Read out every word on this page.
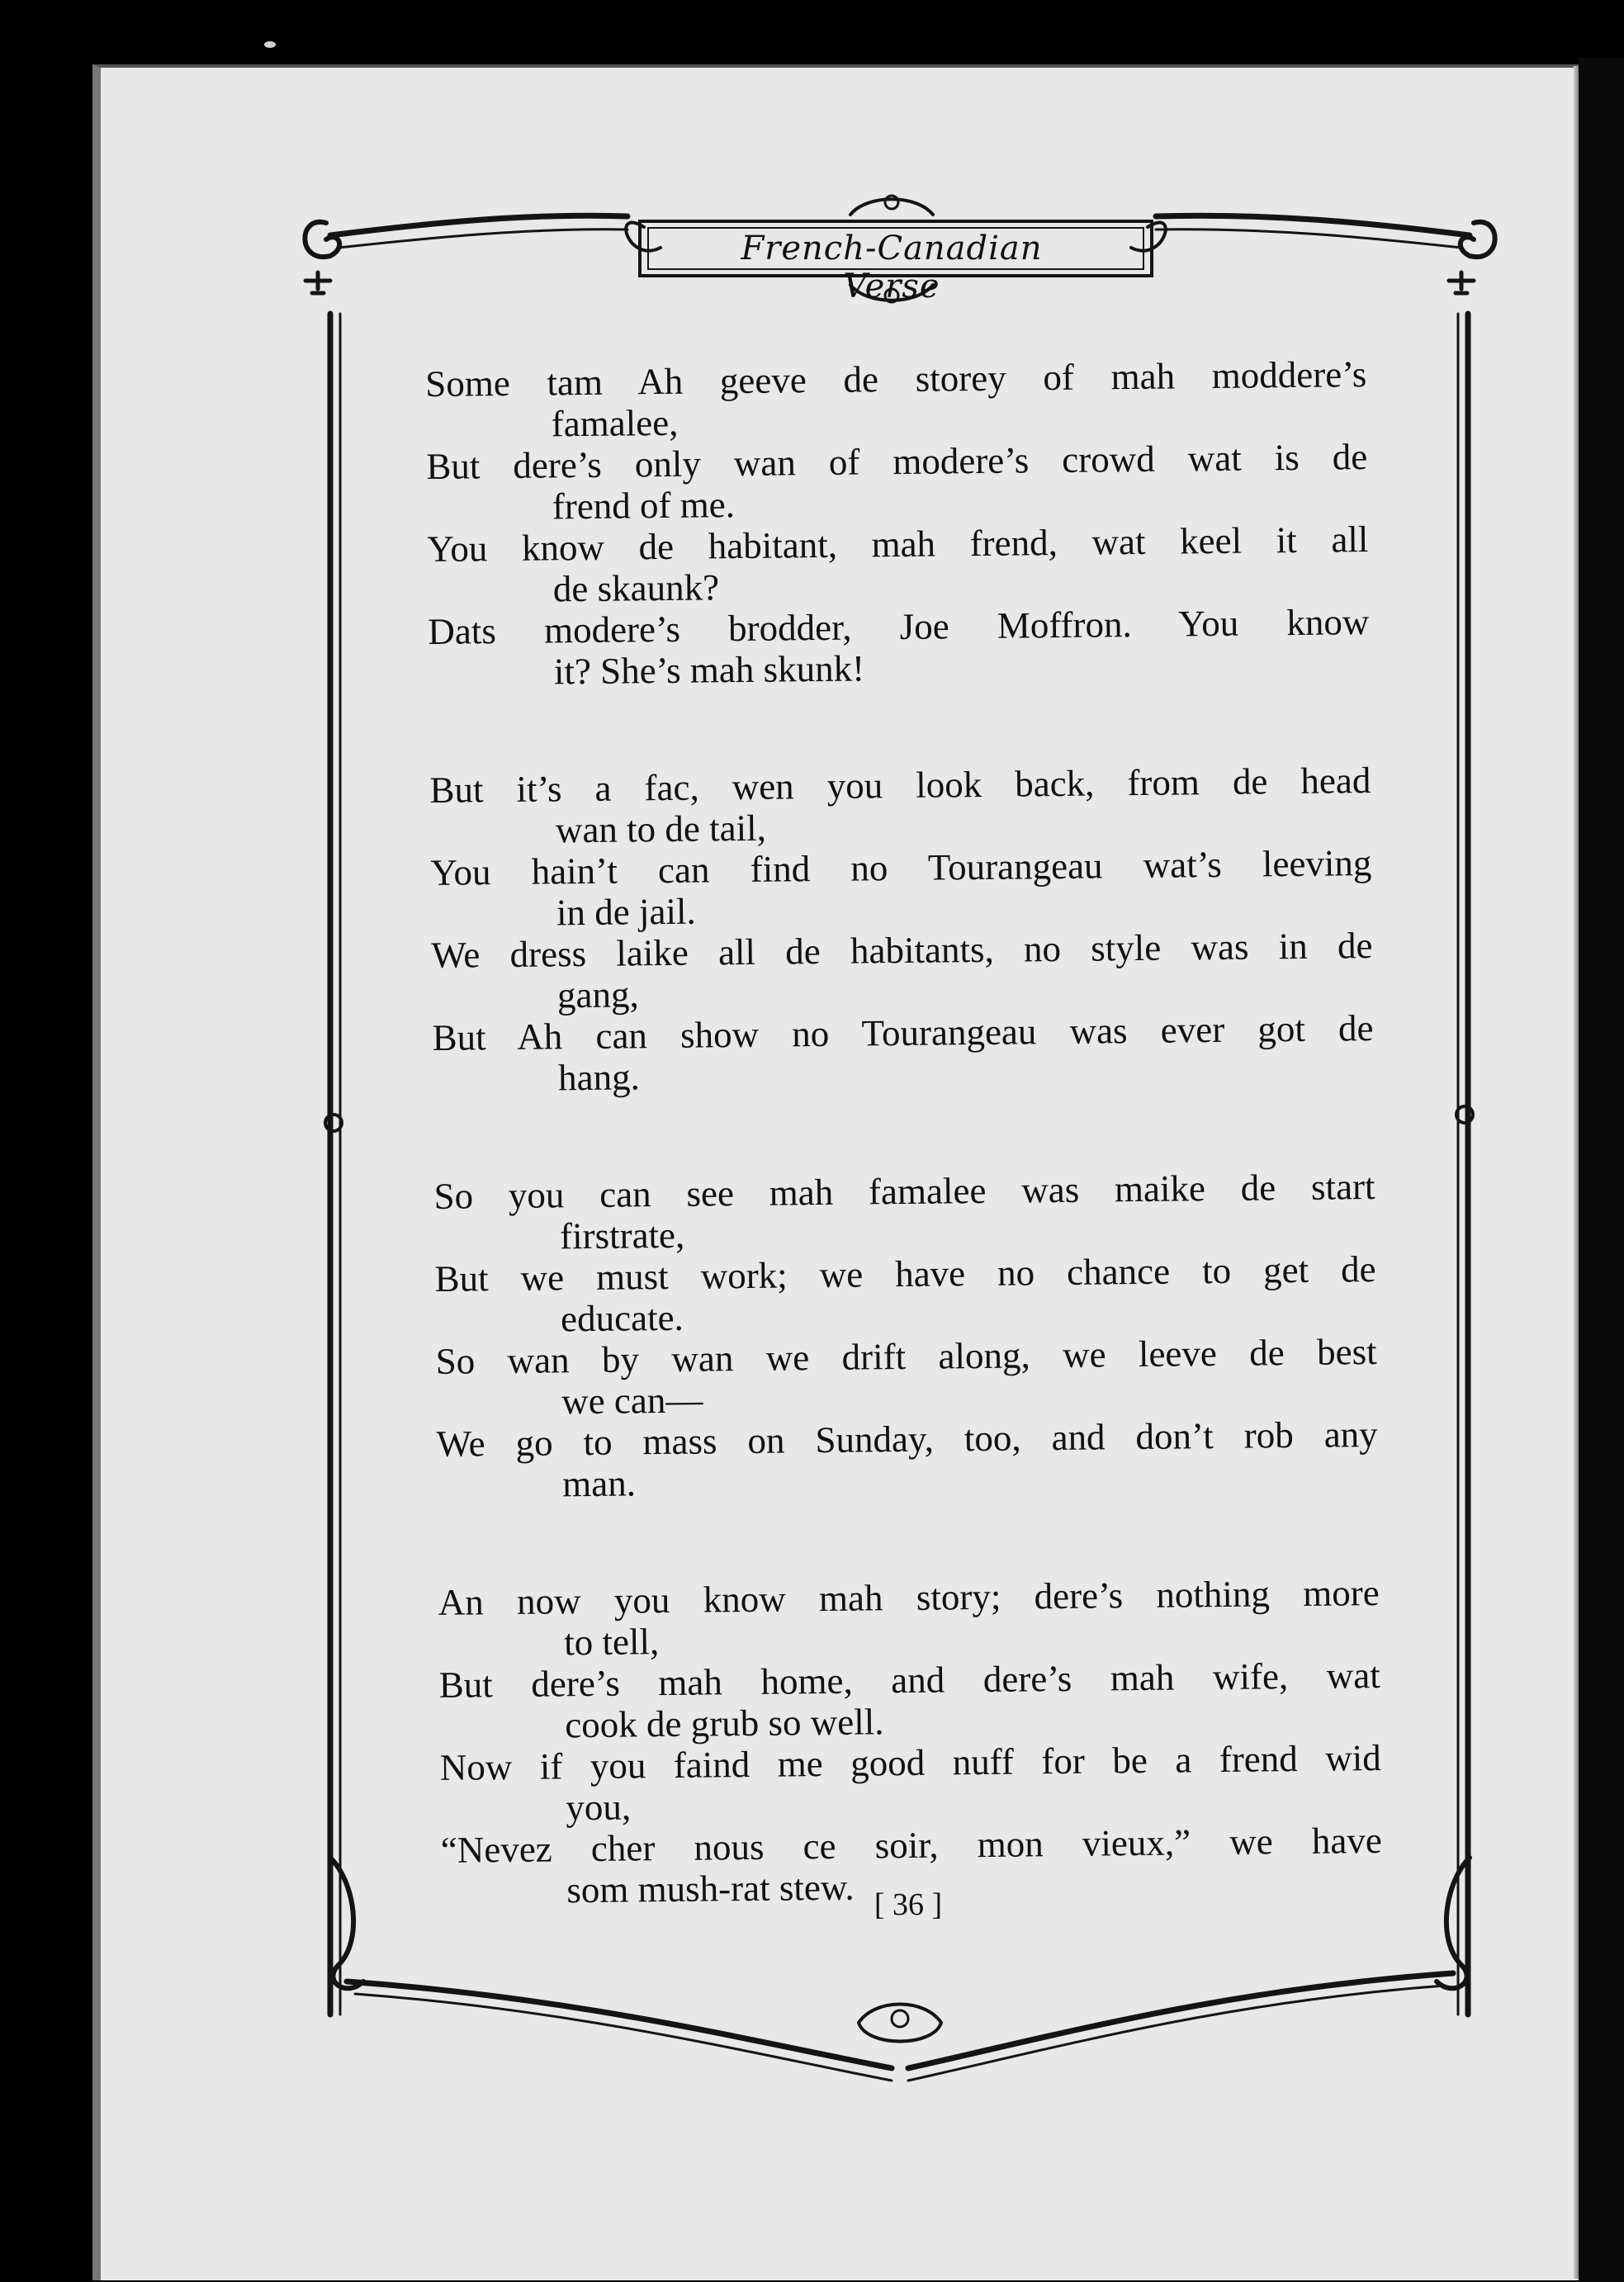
French-Canadian Verse
Some tam Ah geeve de storey of mah moddere’s
famalee,
But dere’s only wan of modere’s crowd wat is de
frend of me.
You know de habitant, mah frend, wat keel it all
de skaunk?
Dats modere’s brodder, Joe Moffron. You know
it? She’s mah skunk!
But it’s a fac, wen you look back, from de head
wan to de tail,
You hain’t can find no Tourangeau wat’s leeving
in de jail.
We dress laike all de habitants, no style was in de
gang,
But Ah can show no Tourangeau was ever got de
hang.
So you can see mah famalee was maike de start
firstrate,
But we must work; we have no chance to get de
educate.
So wan by wan we drift along, we leeve de best
we can—
We go to mass on Sunday, too, and don’t rob any
man.
An now you know mah story; dere’s nothing more
to tell,
But dere’s mah home, and dere’s mah wife, wat
cook de grub so well.
Now if you faind me good nuff for be a frend wid
you,
“Nevez cher nous ce soir, mon vieux,” we have
som mush-rat stew. [ 36 ]
